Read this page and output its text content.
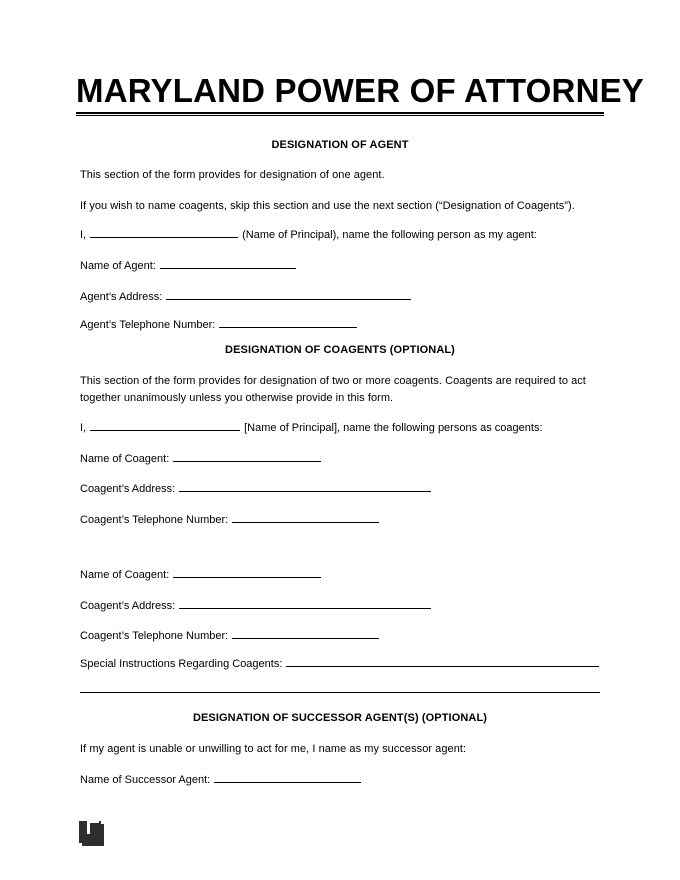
MARYLAND POWER OF ATTORNEY
DESIGNATION OF AGENT
This section of the form provides for designation of one agent.
If you wish to name coagents, skip this section and use the next section (“Designation of Coagents”).
I,	(Name of Principal), name the following person as my agent:
Name of Agent:
Agent’s Address:
Agent’s Telephone Number:
DESIGNATION OF COAGENTS (OPTIONAL)
This section of the form provides for designation of two or more coagents. Coagents are required to act together unanimously unless you otherwise provide in this form.
I,	[Name of Principal], name the following persons as coagents:
Name of Coagent:
Coagent’s Address:
Coagent’s Telephone Number:
Name of Coagent:
Coagent’s Address:
Coagent’s Telephone Number:
Special Instructions Regarding Coagents:
DESIGNATION OF SUCCESSOR AGENT(S) (OPTIONAL)
If my agent is unable or unwilling to act for me, I name as my successor agent:
Name of Successor Agent:
